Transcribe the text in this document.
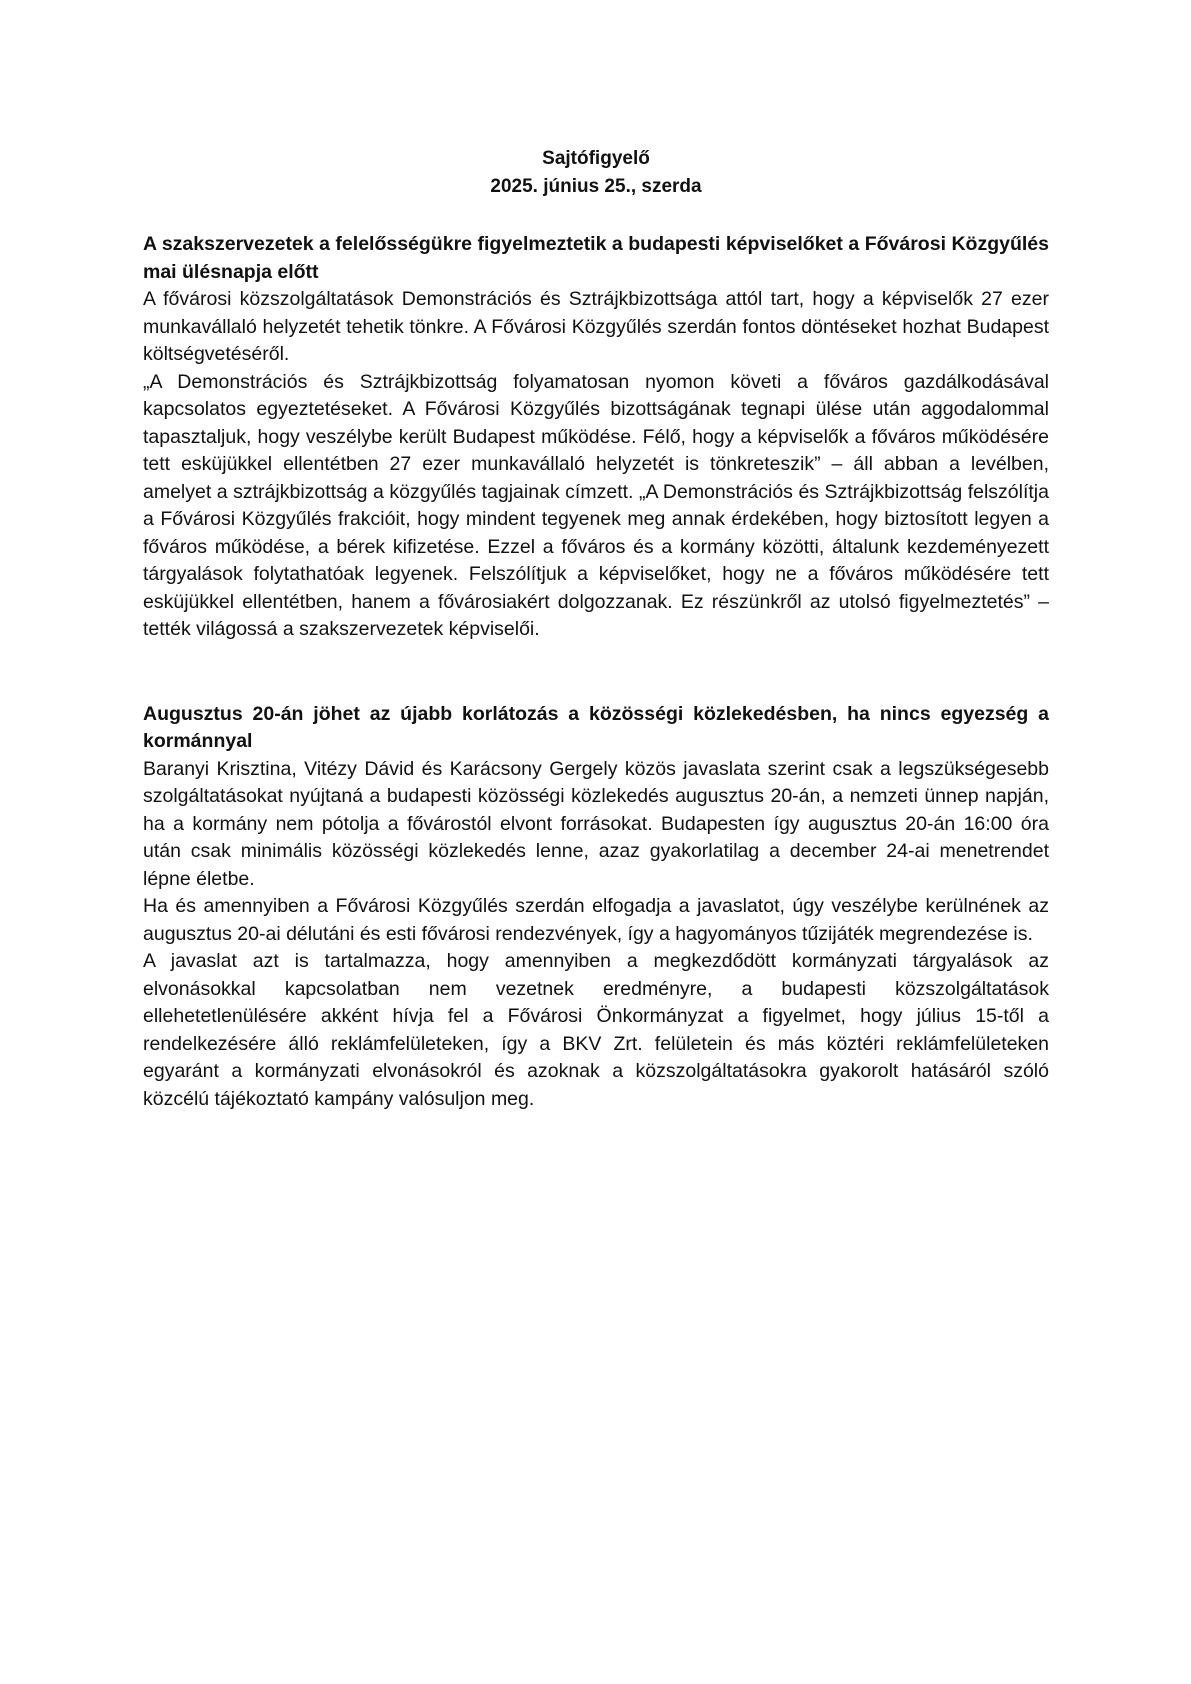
Sajtófigyelő
2025. június 25., szerda

A szakszervezetek a felelősségükre figyelmeztetik a budapesti képviselőket a Fővárosi Közgyűlés mai ülésnapja előtt

A fővárosi közszolgáltatások Demonstrációs és Sztrájkbizottsága attól tart, hogy a képviselők 27 ezer munkavállaló helyzetét tehetik tönkre. A Fővárosi Közgyűlés szerdán fontos döntéseket hozhat Budapest költségvetéséről.

„A Demonstrációs és Sztrájkbizottság folyamatosan nyomon követi a főváros gazdálkodásával kapcsolatos egyeztetéseket. A Fővárosi Közgyűlés bizottságának tegnapi ülése után aggodalommal tapasztaljuk, hogy veszélybe került Budapest működése. Félő, hogy a képviselők a főváros működésére tett esküjükkel ellentétben 27 ezer munkavállaló helyzetét is tönkreteszik” – áll abban a levélben, amelyet a sztrájkbizottság a közgyűlés tagjainak címzett. „A Demonstrációs és Sztrájkbizottság felszólítja a Fővárosi Közgyűlés frakcióit, hogy mindent tegyenek meg annak érdekében, hogy biztosított legyen a főváros működése, a bérek kifizetése. Ezzel a főváros és a kormány közötti, általunk kezdeményezett tárgyalások folytathatóak legyenek. Felszólítjuk a képviselőket, hogy ne a főváros működésére tett esküjükkel ellentétben, hanem a fővárosiakért dolgozzanak. Ez részünkről az utolsó figyelmeztetés” – tették világossá a szakszervezetek képviselői.

Augusztus 20-án jöhet az újabb korlátozás a közösségi közlekedésben, ha nincs egyezség a kormánnyal

Baranyi Krisztina, Vitézy Dávid és Karácsony Gergely közös javaslata szerint csak a legszükségesebb szolgáltatásokat nyújtaná a budapesti közösségi közlekedés augusztus 20-án, a nemzeti ünnep napján, ha a kormány nem pótolja a fővárostól elvont forrásokat. Budapesten így augusztus 20-án 16:00 óra után csak minimális közösségi közlekedés lenne, azaz gyakorlatilag a december 24-ai menetrendet lépne életbe.

Ha és amennyiben a Fővárosi Közgyűlés szerdán elfogadja a javaslatot, úgy veszélybe kerülnének az augusztus 20-ai délutáni és esti fővárosi rendezvények, így a hagyományos tűzijáték megrendezése is.

A javaslat azt is tartalmazza, hogy amennyiben a megkezdődött kormányzati tárgyalások az elvonásokkal kapcsolatban nem vezetnek eredményre, a budapesti közszolgáltatások ellehetetlenülésére akként hívja fel a Fővárosi Önkormányzat a figyelmet, hogy július 15-től a rendelkezésére álló reklámfelületeken, így a BKV Zrt. felületein és más köztéri reklámfelületeken egyaránt a kormányzati elvonásokról és azoknak a közszolgáltatásokra gyakorolt hatásáról szóló közcélú tájékoztató kampány valósuljon meg.
